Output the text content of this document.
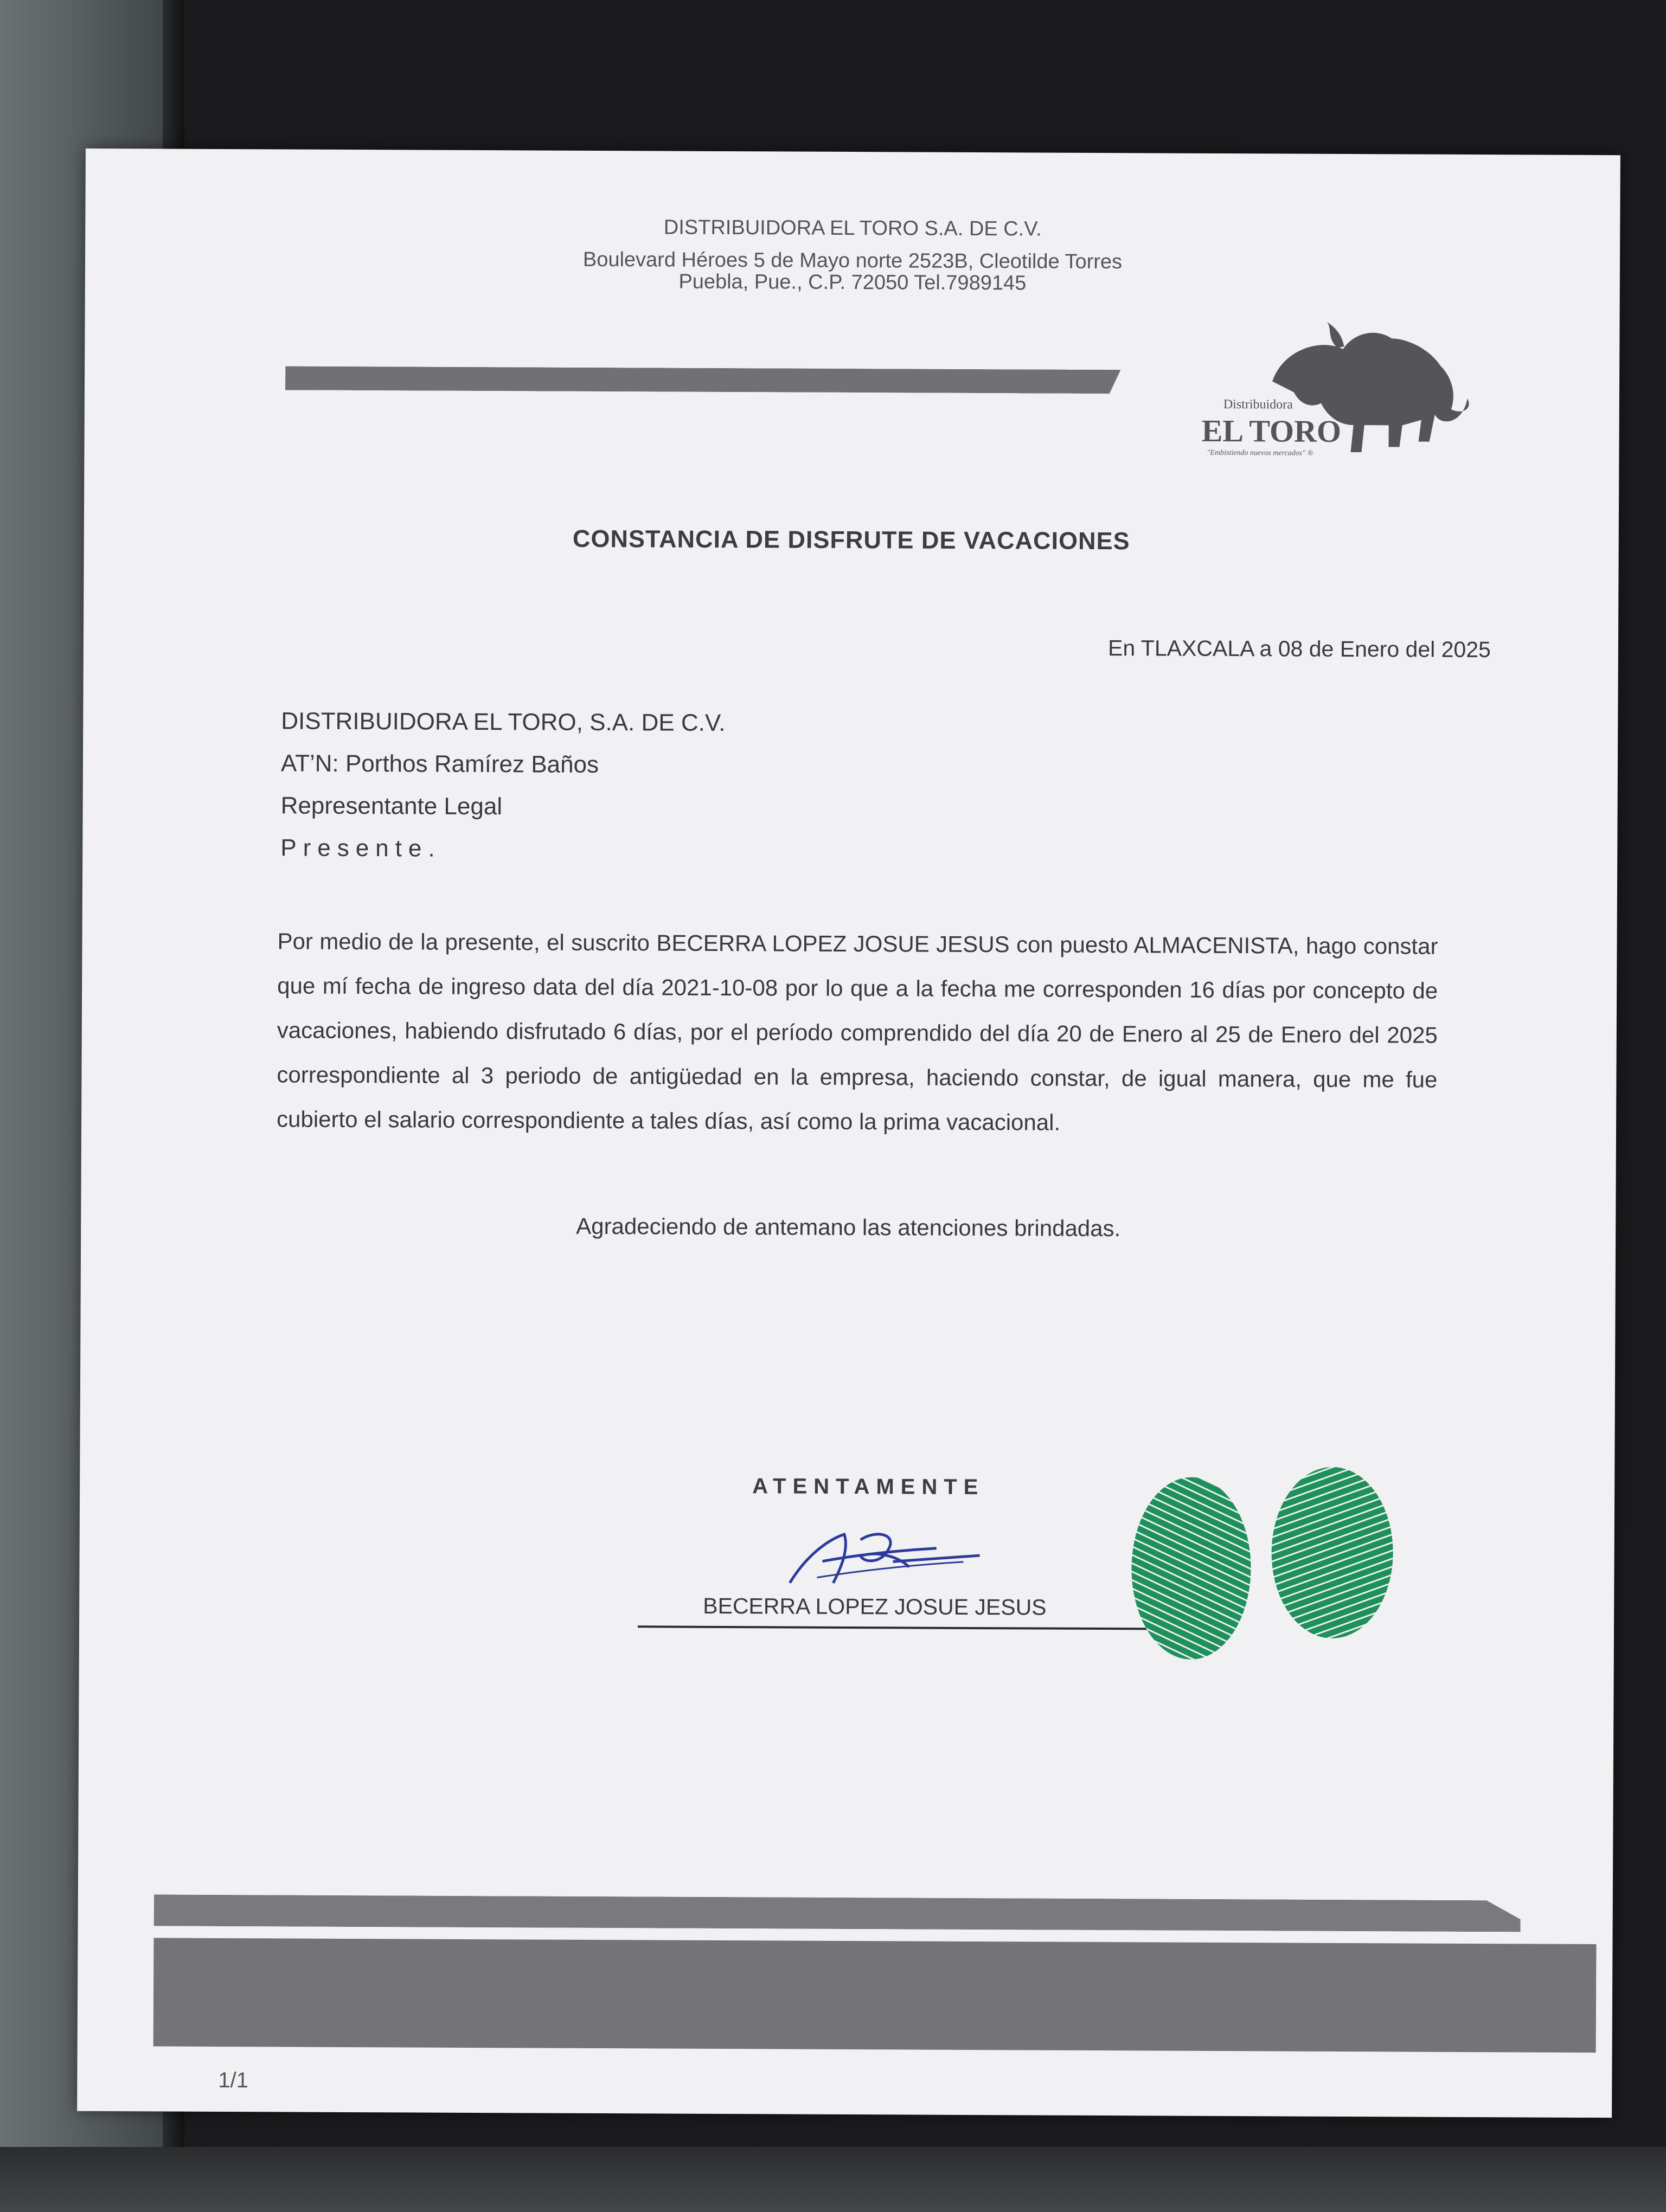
DISTRIBUIDORA EL TORO S.A. DE C.V.
Boulevard Héroes 5 de Mayo norte 2523B, Cleotilde Torres
Puebla, Pue., C.P. 72050 Tel.7989145
Distribuidora
EL TORO
"Embistiendo nuevos mercados" ®
CONSTANCIA DE DISFRUTE DE VACACIONES
En TLAXCALA a 08 de Enero del 2025
DISTRIBUIDORA EL TORO, S.A. DE C.V.
AT’N: Porthos Ramírez Baños
Representante Legal
Presente.
Por medio de la presente, el suscrito BECERRA LOPEZ JOSUE JESUS con puesto ALMACENISTA, hago constar que mí fecha de ingreso data del día 2021-10-08 por lo que a la fecha me corresponden 16 días por concepto de vacaciones, habiendo disfrutado 6 días, por el período comprendido del día 20 de Enero al 25 de Enero del 2025 correspondiente al 3 periodo de antigüedad en la empresa, haciendo constar, de igual manera, que me fue cubierto el salario correspondiente a tales días, así como la prima vacacional.
Agradeciendo de antemano las atenciones brindadas.
ATENTAMENTE
BECERRA LOPEZ JOSUE JESUS
1/1
